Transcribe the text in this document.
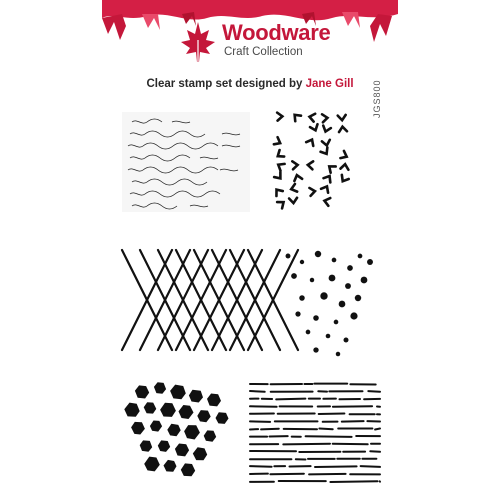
Woodware
Craft Collection
Clear stamp set designed by Jane Gill	JGS800
